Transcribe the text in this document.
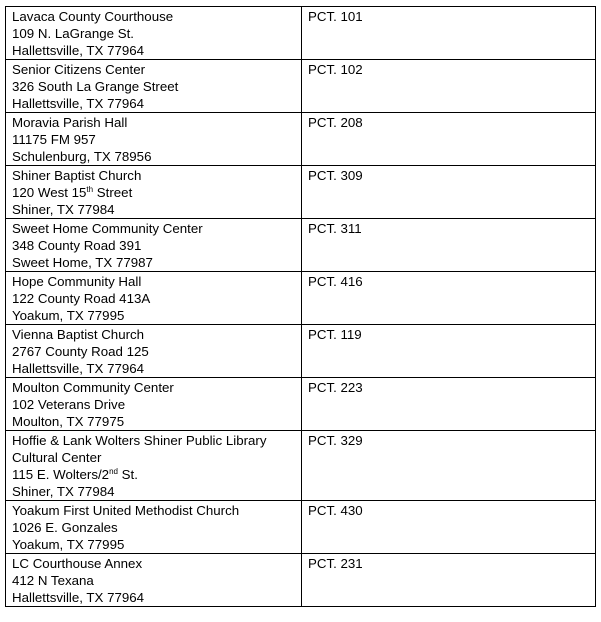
Lavaca County Courthouse
109 N. LaGrange St.
Hallettsville, TX 77964	PCT. 101

Senior Citizens Center
326 South La Grange Street
Hallettsville, TX 77964	PCT. 102

Moravia Parish Hall
11175 FM 957
Schulenburg, TX 78956	PCT. 208

Shiner Baptist Church
120 West 15th Street
Shiner, TX 77984	PCT. 309

Sweet Home Community Center
348 County Road 391
Sweet Home, TX 77987	PCT. 311

Hope Community Hall
122 County Road 413A
Yoakum, TX 77995	PCT. 416

Vienna Baptist Church
2767 County Road 125
Hallettsville, TX 77964	PCT. 119

Moulton Community Center
102 Veterans Drive
Moulton, TX 77975	PCT. 223

Hoffie & Lank Wolters Shiner Public Library
Cultural Center
115 E. Wolters/2nd St.
Shiner, TX 77984	PCT. 329

Yoakum First United Methodist Church
1026 E. Gonzales
Yoakum, TX 77995	PCT. 430

LC Courthouse Annex
412 N Texana
Hallettsville, TX 77964	PCT. 231
